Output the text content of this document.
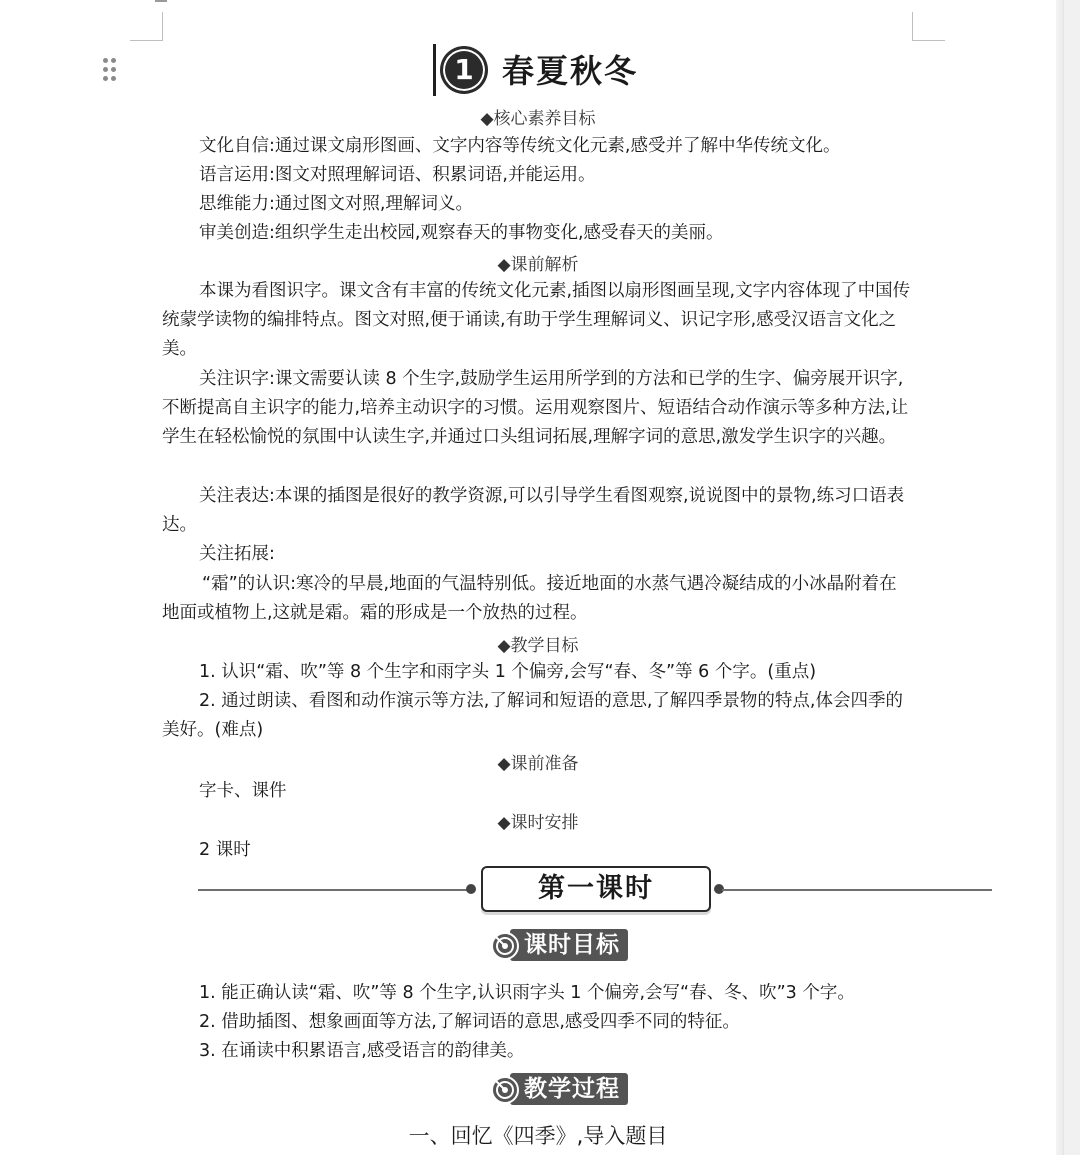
1 春夏秋冬
◆核心素养目标
文化自信:通过课文扇形图画、文字内容等传统文化元素,感受并了解中华传统文化。
语言运用:图文对照理解词语、积累词语,并能运用。
思维能力:通过图文对照,理解词义。
审美创造:组织学生走出校园,观察春天的事物变化,感受春天的美丽。
◆课前解析
本课为看图识字。课文含有丰富的传统文化元素,插图以扇形图画呈现,文字内容体现了中国传统蒙学读物的编排特点。图文对照,便于诵读,有助于学生理解词义、识记字形,感受汉语言文化之美。
关注识字:课文需要认读 8 个生字,鼓励学生运用所学到的方法和已学的生字、偏旁展开识字,不断提高自主识字的能力,培养主动识字的习惯。运用观察图片、短语结合动作演示等多种方法,让学生在轻松愉悦的氛围中认读生字,并通过口头组词拓展,理解字词的意思,激发学生识字的兴趣。
关注表达:本课的插图是很好的教学资源,可以引导学生看图观察,说说图中的景物,练习口语表达。
关注拓展:
“霜”的认识:寒冷的早晨,地面的气温特别低。接近地面的水蒸气遇冷凝结成的小冰晶附着在地面或植物上,这就是霜。霜的形成是一个放热的过程。
◆教学目标
1. 认识“霜、吹”等 8 个生字和雨字头 1 个偏旁,会写“春、冬”等 6 个字。(重点)
2. 通过朗读、看图和动作演示等方法,了解词和短语的意思,了解四季景物的特点,体会四季的美好。(难点)
◆课前准备
字卡、课件
◆课时安排
2 课时
第一课时
课时目标
1. 能正确认读“霜、吹”等 8 个生字,认识雨字头 1 个偏旁,会写“春、冬、吹”3 个字。
2. 借助插图、想象画面等方法,了解词语的意思,感受四季不同的特征。
3. 在诵读中积累语言,感受语言的韵律美。
教学过程
一、回忆《四季》,导入题目
